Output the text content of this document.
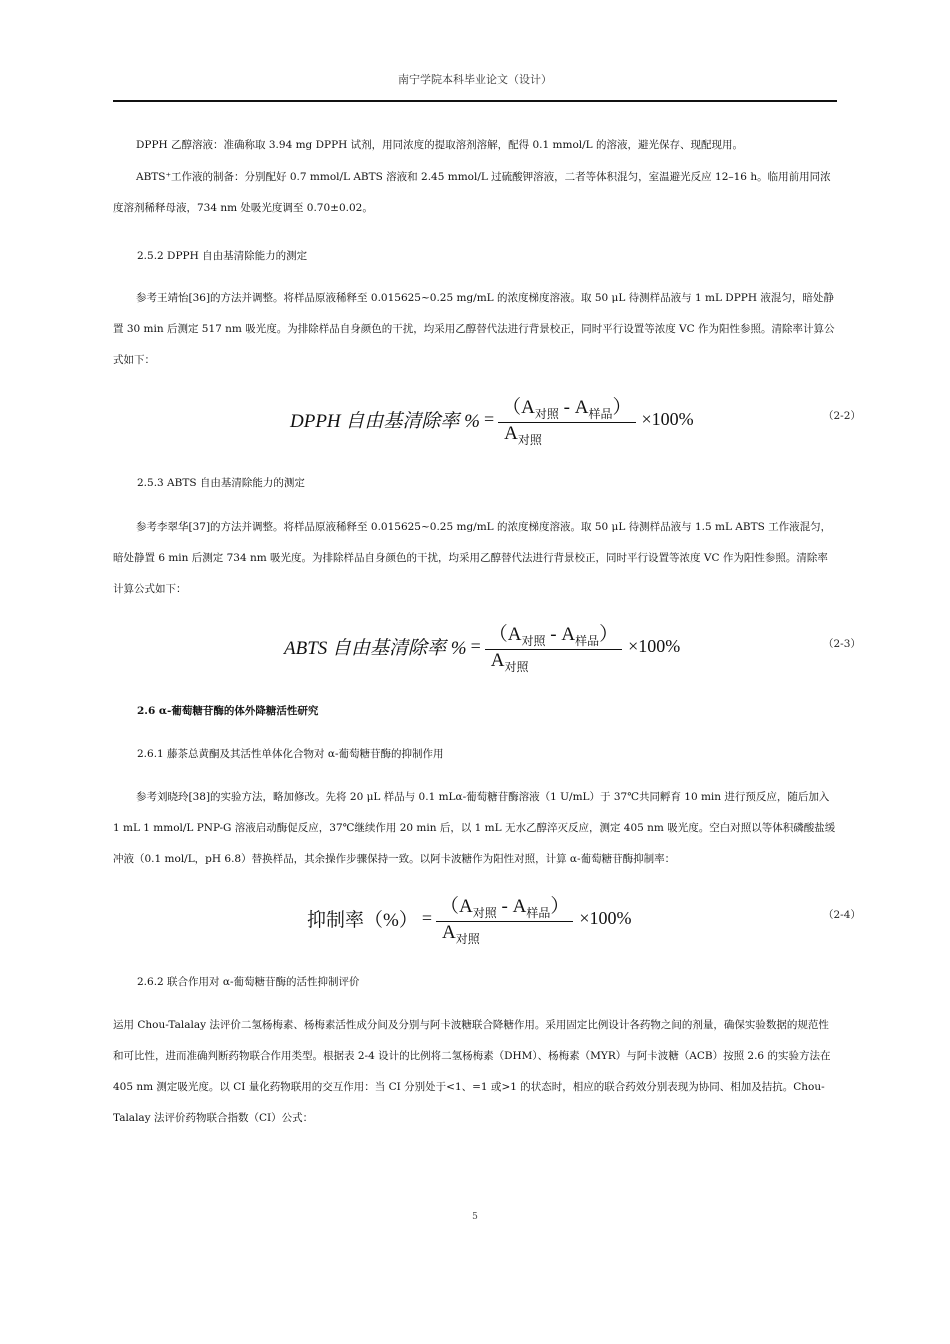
南宁学院本科毕业论文（设计）
DPPH 乙醇溶液：准确称取 3.94 mg DPPH 试剂，用同浓度的提取溶剂溶解，配得 0.1 mmol/L 的溶液，避光保存、现配现用。
ABTS⁺工作液的制备：分别配好 0.7 mmol/L ABTS 溶液和 2.45 mmol/L 过硫酸钾溶液，二者等体积混匀，室温避光反应 12–16 h。临用前用同浓度溶剂稀释母液，734 nm 处吸光度调至 0.70±0.02。
2.5.2 DPPH 自由基清除能力的测定
参考王靖怡[36]的方法并调整。将样品原液稀释至 0.015625~0.25 mg/mL 的浓度梯度溶液。取 50 μL 待测样品液与 1 mL DPPH 液混匀，暗处静置 30 min 后测定 517 nm 吸光度。为排除样品自身颜色的干扰，均采用乙醇替代法进行背景校正，同时平行设置等浓度 VC 作为阳性参照。清除率计算公式如下：
DPPH 自由基清除率 % = $\frac{(A_{对照} - A_{样品})}{A_{对照}} \times 100\%$	（2-2）
2.5.3 ABTS 自由基清除能力的测定
参考李翠华[37]的方法并调整。将样品原液稀释至 0.015625~0.25 mg/mL 的浓度梯度溶液。取 50 μL 待测样品液与 1.5 mL ABTS 工作液混匀，暗处静置 6 min 后测定 734 nm 吸光度。为排除样品自身颜色的干扰，均采用乙醇替代法进行背景校正，同时平行设置等浓度 VC 作为阳性参照。清除率计算公式如下：
ABTS 自由基清除率 % = $\frac{(A_{对照} - A_{样品})}{A_{对照}} \times 100\%$	（2-3）
2.6 α-葡萄糖苷酶的体外降糖活性研究
2.6.1 藤茶总黄酮及其活性单体化合物对 α-葡萄糖苷酶的抑制作用
参考刘晓玲[38]的实验方法，略加修改。先将 20 μL 样品与 0.1 mLα-葡萄糖苷酶溶液（1 U/mL）于 37℃共同孵育 10 min 进行预反应，随后加入 1 mL 1 mmol/L PNP-G 溶液启动酶促反应，37℃继续作用 20 min 后，以 1 mL 无水乙醇淬灭反应，测定 405 nm 吸光度。空白对照以等体积磷酸盐缓冲液（0.1 mol/L，pH 6.8）替换样品，其余操作步骤保持一致。以阿卡波糖作为阳性对照，计算 α-葡萄糖苷酶抑制率：
抑制率（%） = $\frac{(A_{对照} - A_{样品})}{A_{对照}} \times 100\%$	（2-4）
2.6.2 联合作用对 α-葡萄糖苷酶的活性抑制评价
运用 Chou-Talalay 法评价二氢杨梅素、杨梅素活性成分间及分别与阿卡波糖联合降糖作用。采用固定比例设计各药物之间的剂量，确保实验数据的规范性和可比性，进而准确判断药物联合作用类型。根据表 2-4 设计的比例将二氢杨梅素（DHM）、杨梅素（MYR）与阿卡波糖（ACB）按照 2.6 的实验方法在 405 nm 测定吸光度。以 CI 量化药物联用的交互作用：当 CI 分别处于<1、=1 或>1 的状态时，相应的联合药效分别表现为协同、相加及拮抗。Chou-Talalay 法评价药物联合指数（CI）公式：
5
